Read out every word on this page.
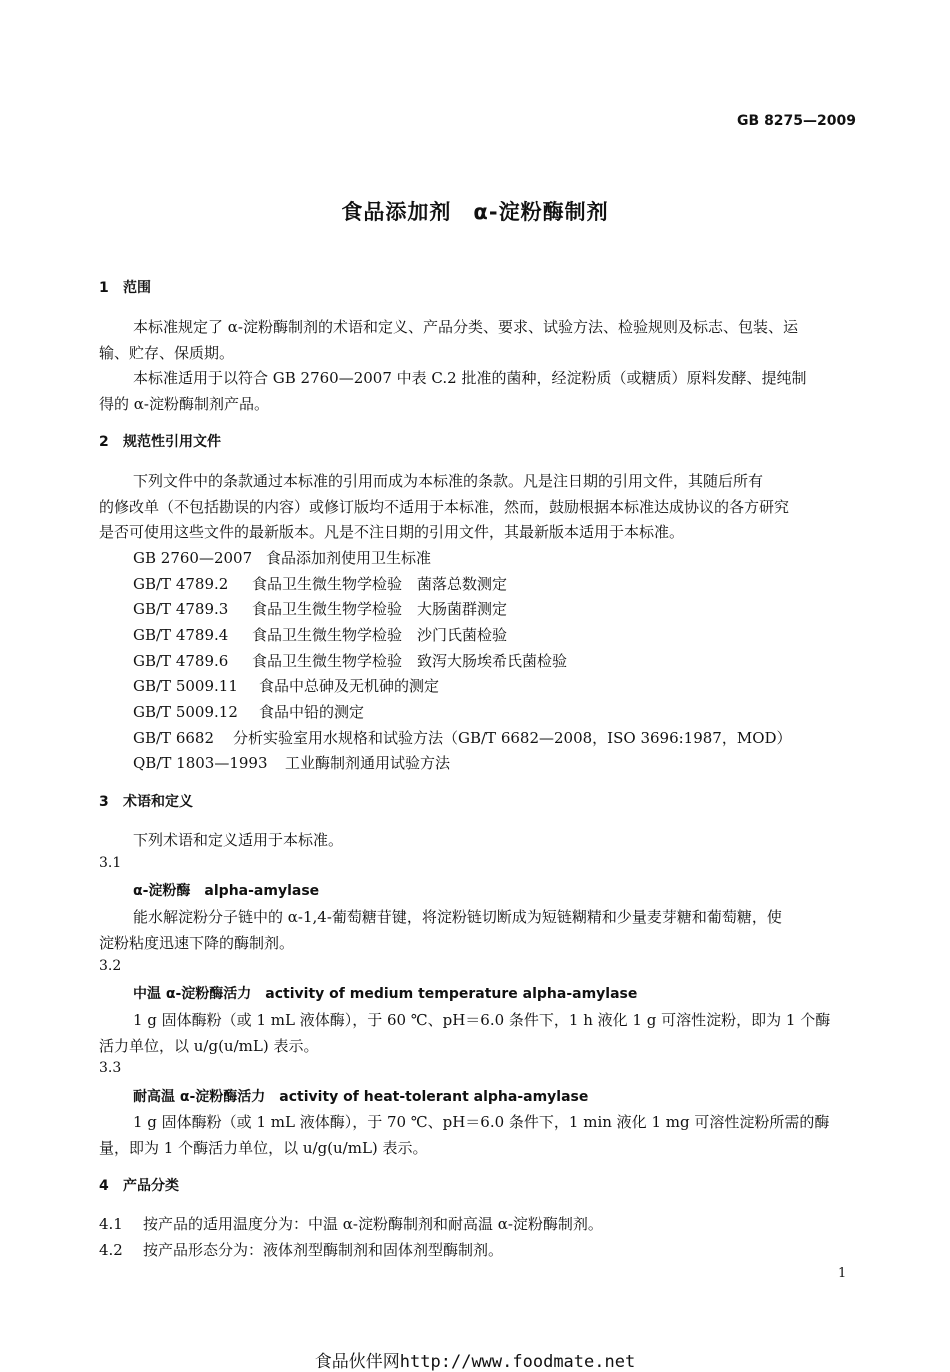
GB 8275—2009
食品添加剂　α-淀粉酶制剂
1 范围
本标准规定了 α-淀粉酶制剂的术语和定义、产品分类、要求、试验方法、检验规则及标志、包装、运
输、贮存、保质期。
本标准适用于以符合 GB 2760—2007 中表 C.2 批准的菌种，经淀粉质（或糖质）原料发酵、提纯制
得的 α-淀粉酶制剂产品。
2 规范性引用文件
下列文件中的条款通过本标准的引用而成为本标准的条款。凡是注日期的引用文件，其随后所有
的修改单（不包括勘误的内容）或修订版均不适用于本标准，然而，鼓励根据本标准达成协议的各方研究
是否可使用这些文件的最新版本。凡是不注日期的引用文件，其最新版本适用于本标准。
GB 2760—2007 食品添加剂使用卫生标准
GB/T 4789.2 食品卫生微生物学检验　菌落总数测定
GB/T 4789.3 食品卫生微生物学检验　大肠菌群测定
GB/T 4789.4 食品卫生微生物学检验　沙门氏菌检验
GB/T 4789.6 食品卫生微生物学检验　致泻大肠埃希氏菌检验
GB/T 5009.11 食品中总砷及无机砷的测定
GB/T 5009.12 食品中铅的测定
GB/T 6682 分析实验室用水规格和试验方法（GB/T 6682—2008，ISO 3696:1987，MOD）
QB/T 1803—1993 工业酶制剂通用试验方法
3 术语和定义
下列术语和定义适用于本标准。
3.1
α-淀粉酶　alpha-amylase
能水解淀粉分子链中的 α-1,4-葡萄糖苷键，将淀粉链切断成为短链糊精和少量麦芽糖和葡萄糖，使
淀粉粘度迅速下降的酶制剂。
3.2
中温 α-淀粉酶活力　activity of medium temperature alpha-amylase
1 g 固体酶粉（或 1 mL 液体酶），于 60 ℃、pH＝6.0 条件下，1 h 液化 1 g 可溶性淀粉，即为 1 个酶
活力单位，以 u/g(u/mL) 表示。
3.3
耐高温 α-淀粉酶活力　activity of heat-tolerant alpha-amylase
1 g 固体酶粉（或 1 mL 液体酶），于 70 ℃、pH＝6.0 条件下，1 min 液化 1 mg 可溶性淀粉所需的酶
量，即为 1 个酶活力单位，以 u/g(u/mL) 表示。
4 产品分类
4.1 按产品的适用温度分为：中温 α-淀粉酶制剂和耐高温 α-淀粉酶制剂。
4.2 按产品形态分为：液体剂型酶制剂和固体剂型酶制剂。
1
食品伙伴网http://www.foodmate.net
